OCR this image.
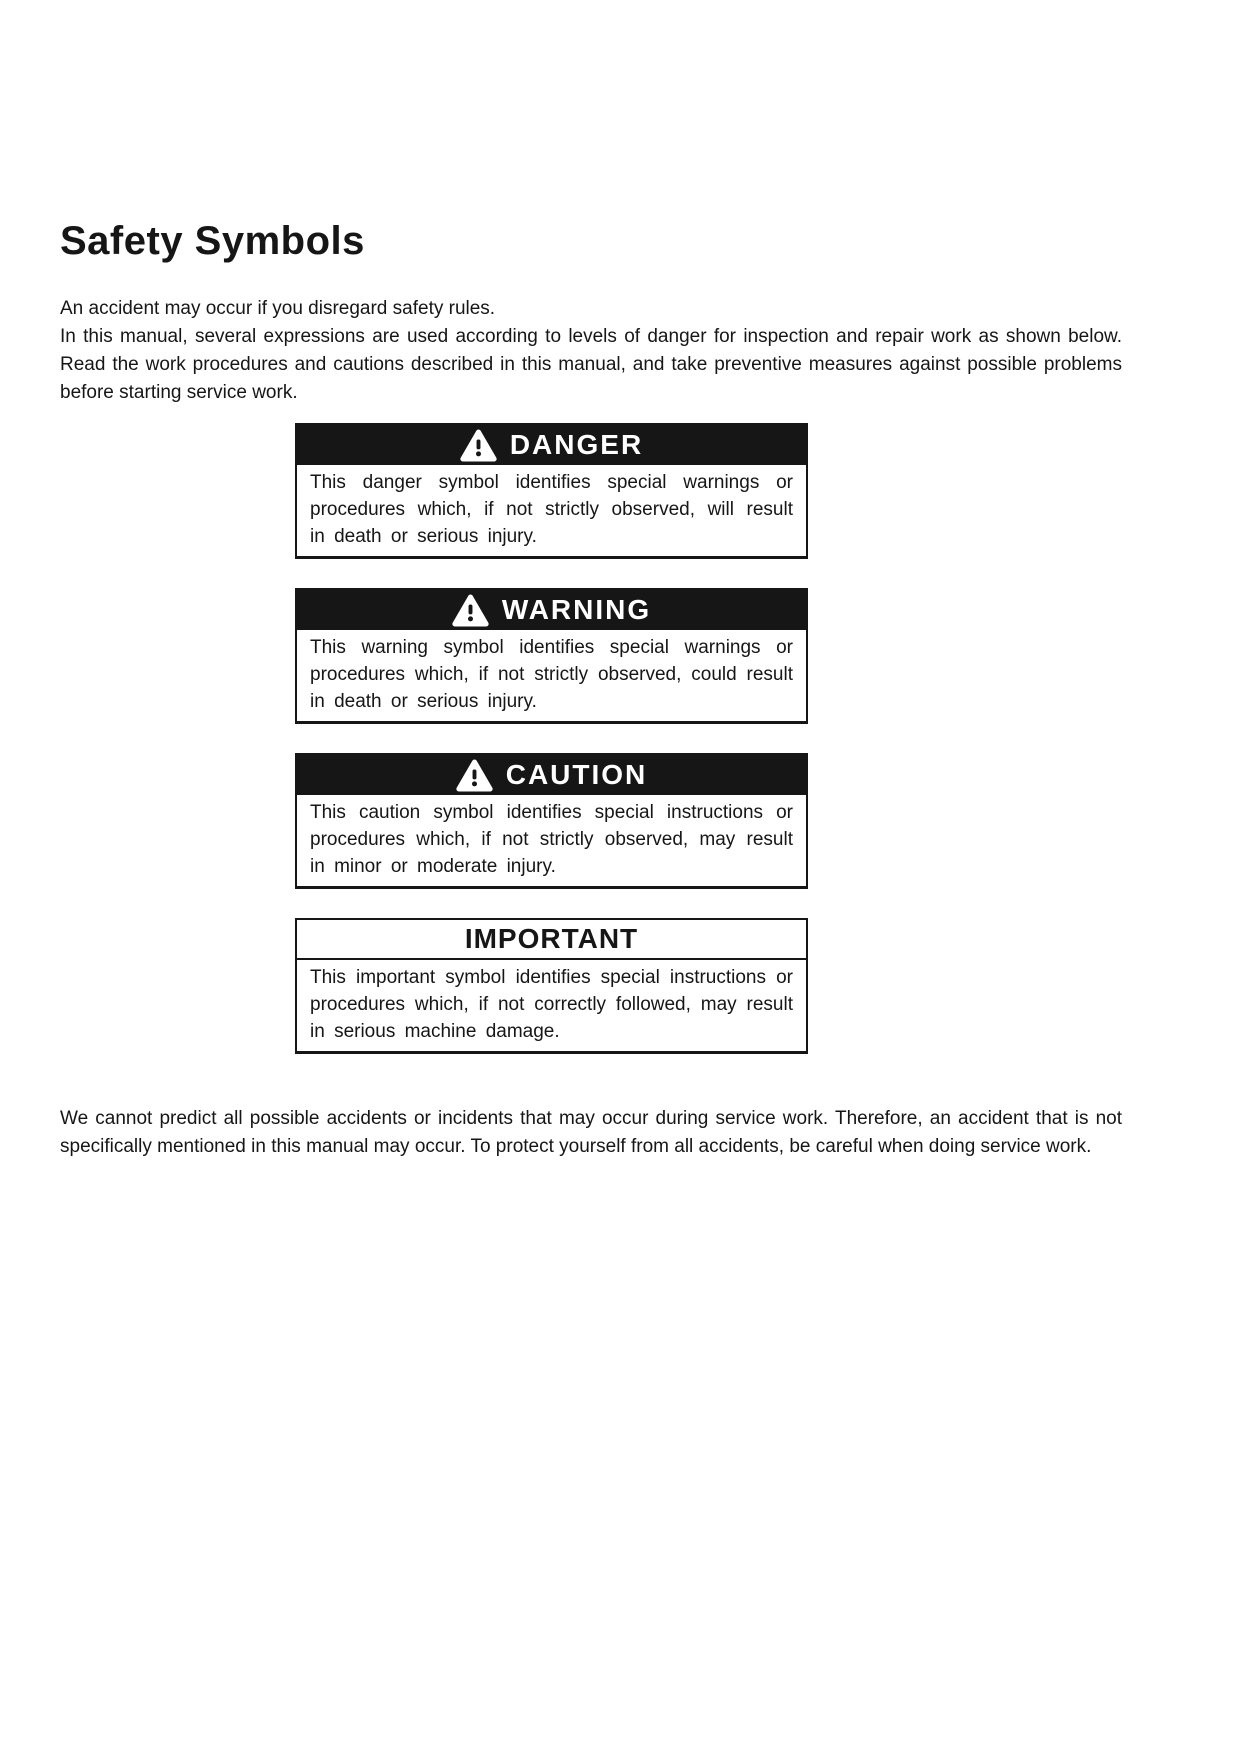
Safety Symbols

An accident may occur if you disregard safety rules.

In this manual, several expressions are used according to levels of danger for inspection and repair work as shown below. Read the work procedures and cautions described in this manual, and take preventive measures against possible problems before starting service work.

DANGER

This danger symbol identifies special warnings or procedures which, if not strictly observed, will result in death or serious injury.

WARNING

This warning symbol identifies special warnings or procedures which, if not strictly observed, could result in death or serious injury.

CAUTION

This caution symbol identifies special instructions or procedures which, if not strictly observed, may result in minor or moderate injury.

IMPORTANT

This important symbol identifies special instructions or procedures which, if not correctly followed, may result in serious machine damage.

We cannot predict all possible accidents or incidents that may occur during service work. Therefore, an accident that is not specifically mentioned in this manual may occur. To protect yourself from all accidents, be careful when doing service work.
